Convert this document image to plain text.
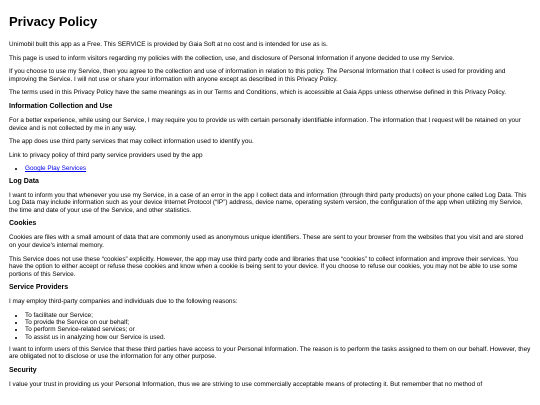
Privacy Policy

Unimobil built this app as a Free. This SERVICE is provided by Gaia Soft at no cost and is intended for use as is.

This page is used to inform visitors regarding my policies with the collection, use, and disclosure of Personal Information if anyone decided to use my Service.

If you choose to use my Service, then you agree to the collection and use of information in relation to this policy. The Personal Information that I collect is used for providing and improving the Service. I will not use or share your information with anyone except as described in this Privacy Policy.

The terms used in this Privacy Policy have the same meanings as in our Terms and Conditions, which is accessible at Gaia Apps unless otherwise defined in this Privacy Policy.

Information Collection and Use

For a better experience, while using our Service, I may require you to provide us with certain personally identifiable information. The information that I request will be retained on your device and is not collected by me in any way.

The app does use third party services that may collect information used to identify you.

Link to privacy policy of third party service providers used by the app

• Google Play Services
Log Data

I want to inform you that whenever you use my Service, in a case of an error in the app I collect data and information (through third party products) on your phone called Log Data. This Log Data may include information such as your device Internet Protocol (“IP”) address, device name, operating system version, the configuration of the app when utilizing my Service, the time and date of your use of the Service, and other statistics.

Cookies

Cookies are files with a small amount of data that are commonly used as anonymous unique identifiers. These are sent to your browser from the websites that you visit and are stored on your device's internal memory.

This Service does not use these “cookies” explicitly. However, the app may use third party code and libraries that use “cookies” to collect information and improve their services. You have the option to either accept or refuse these cookies and know when a cookie is being sent to your device. If you choose to refuse our cookies, you may not be able to use some portions of this Service.

Service Providers

I may employ third-party companies and individuals due to the following reasons:

• To facilitate our Service;
• To provide the Service on our behalf;
• To perform Service-related services; or
• To assist us in analyzing how our Service is used.

I want to inform users of this Service that these third parties have access to your Personal Information. The reason is to perform the tasks assigned to them on our behalf. However, they are obligated not to disclose or use the information for any other purpose.

Security

I value your trust in providing us your Personal Information, thus we are striving to use commercially acceptable means of protecting it. But remember that no method of
